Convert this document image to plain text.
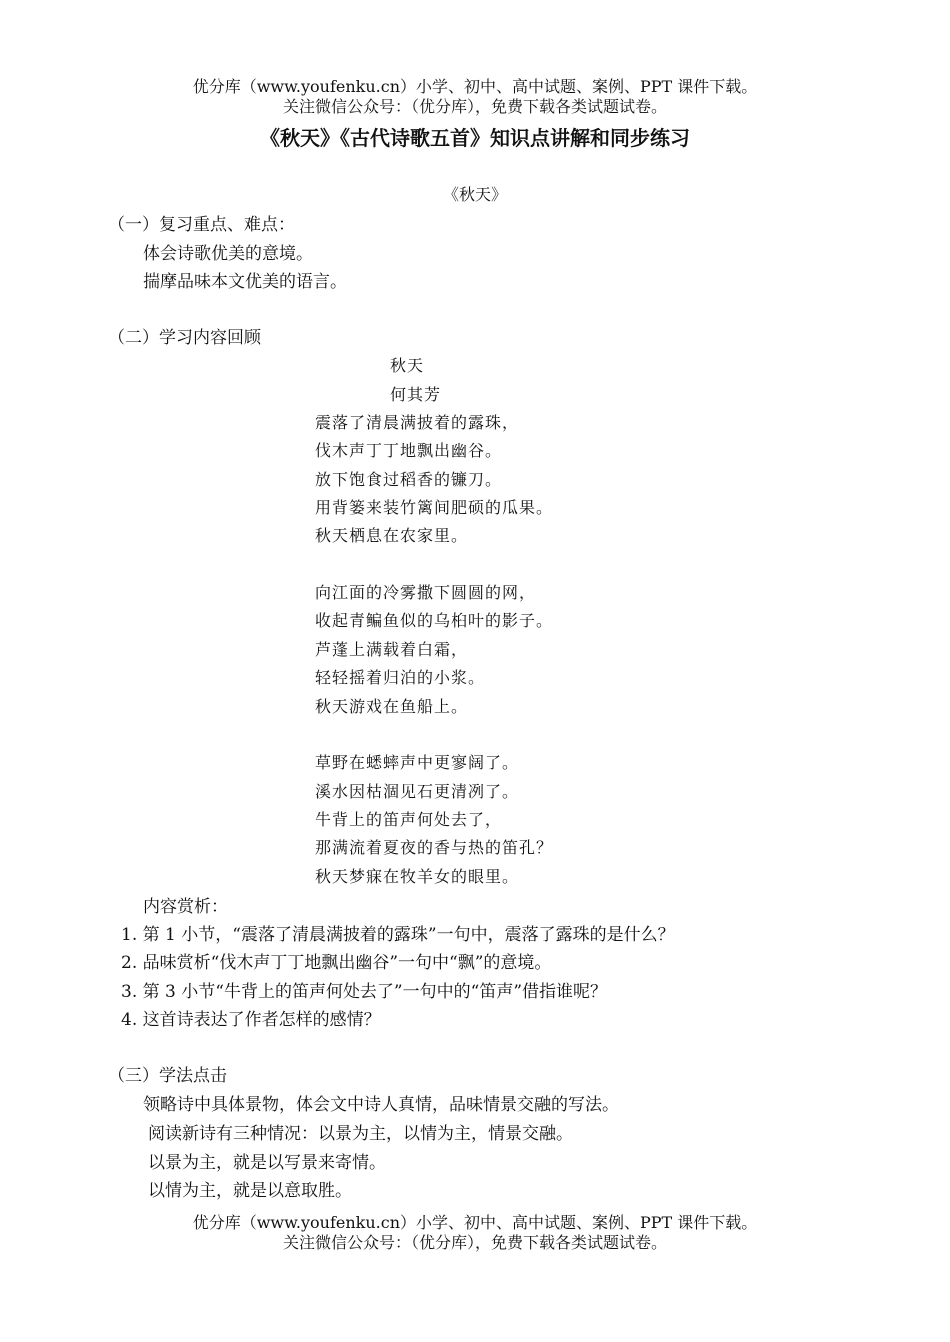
优分库（www.youfenku.cn）小学、初中、高中试题、案例、PPT 课件下载。
关注微信公众号：（优分库），免费下载各类试题试卷。
《秋天》《古代诗歌五首》知识点讲解和同步练习
《秋天》
（一）复习重点、难点：
体会诗歌优美的意境。
揣摩品味本文优美的语言。
（二）学习内容回顾
秋天
何其芳
震落了清晨满披着的露珠，
伐木声丁丁地飘出幽谷。
放下饱食过稻香的镰刀。
用背篓来装竹篱间肥硕的瓜果。
秋天栖息在农家里。
向江面的冷雾撒下圆圆的网，
收起青鳊鱼似的乌桕叶的影子。
芦蓬上满载着白霜，
轻轻摇着归泊的小浆。
秋天游戏在鱼船上。
草野在蟋蟀声中更寥阔了。
溪水因枯涸见石更清冽了。
牛背上的笛声何处去了，
那满流着夏夜的香与热的笛孔？
秋天梦寐在牧羊女的眼里。
内容赏析：
1. 第 1 小节，“震落了清晨满披着的露珠”一句中，震落了露珠的是什么？
2. 品味赏析“伐木声丁丁地飘出幽谷”一句中“飘”的意境。
3. 第 3 小节“牛背上的笛声何处去了”一句中的“笛声”借指谁呢？
4. 这首诗表达了作者怎样的感情？
（三）学法点击
领略诗中具体景物，体会文中诗人真情，品味情景交融的写法。
阅读新诗有三种情况：以景为主，以情为主，情景交融。
以景为主，就是以写景来寄情。
以情为主，就是以意取胜。
优分库（www.youfenku.cn）小学、初中、高中试题、案例、PPT 课件下载。
关注微信公众号：（优分库），免费下载各类试题试卷。
